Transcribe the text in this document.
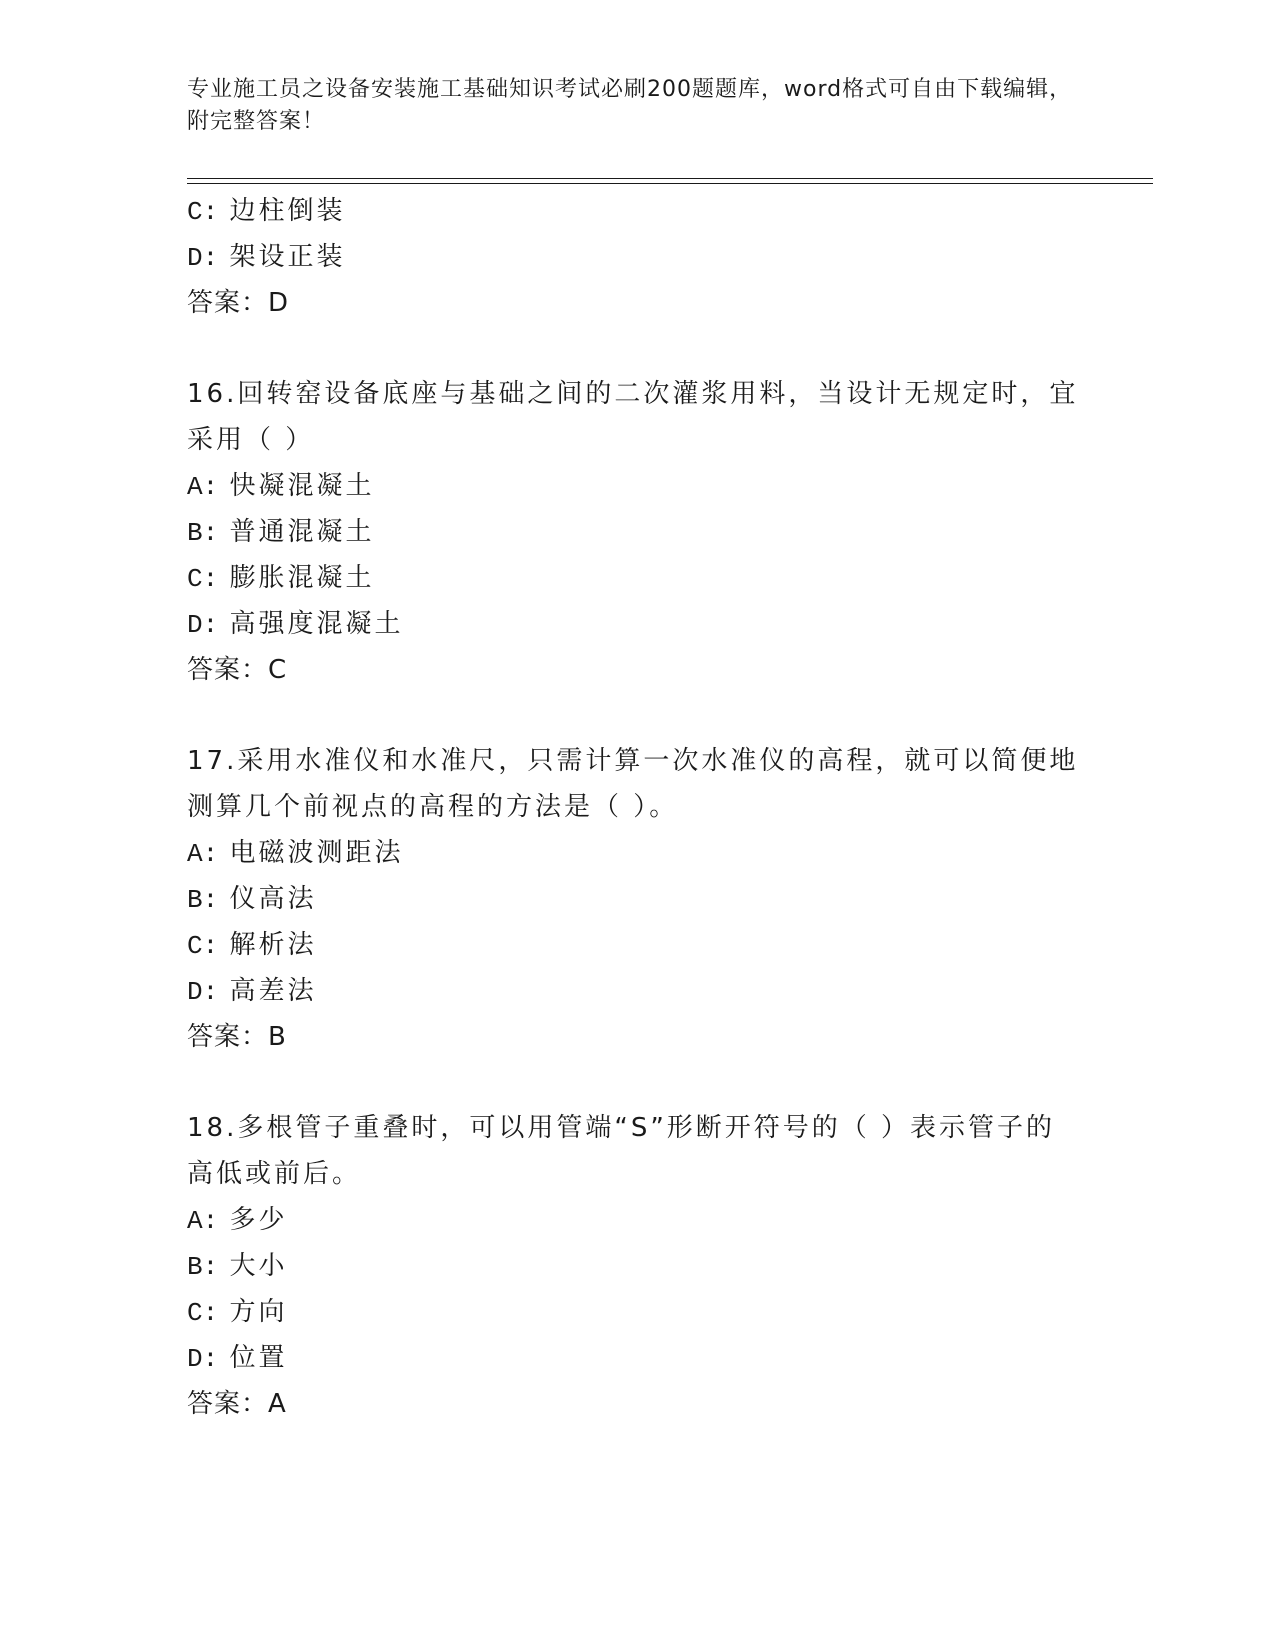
专业施工员之设备安装施工基础知识考试必刷200题题库，word格式可自由下载编辑，附完整答案！
C: 边柱倒装
D: 架设正装
答案：D
16.回转窑设备底座与基础之间的二次灌浆用料，当设计无规定时，宜
采用（ ）
A: 快凝混凝土
B: 普通混凝土
C: 膨胀混凝土
D: 高强度混凝土
答案：C
17.采用水准仪和水准尺，只需计算一次水准仪的高程，就可以简便地
测算几个前视点的高程的方法是（ ）。
A: 电磁波测距法
B: 仪高法
C: 解析法
D: 高差法
答案：B
18.多根管子重叠时，可以用管端“S”形断开符号的（ ）表示管子的
高低或前后。
A: 多少
B: 大小
C: 方向
D: 位置
答案：A
